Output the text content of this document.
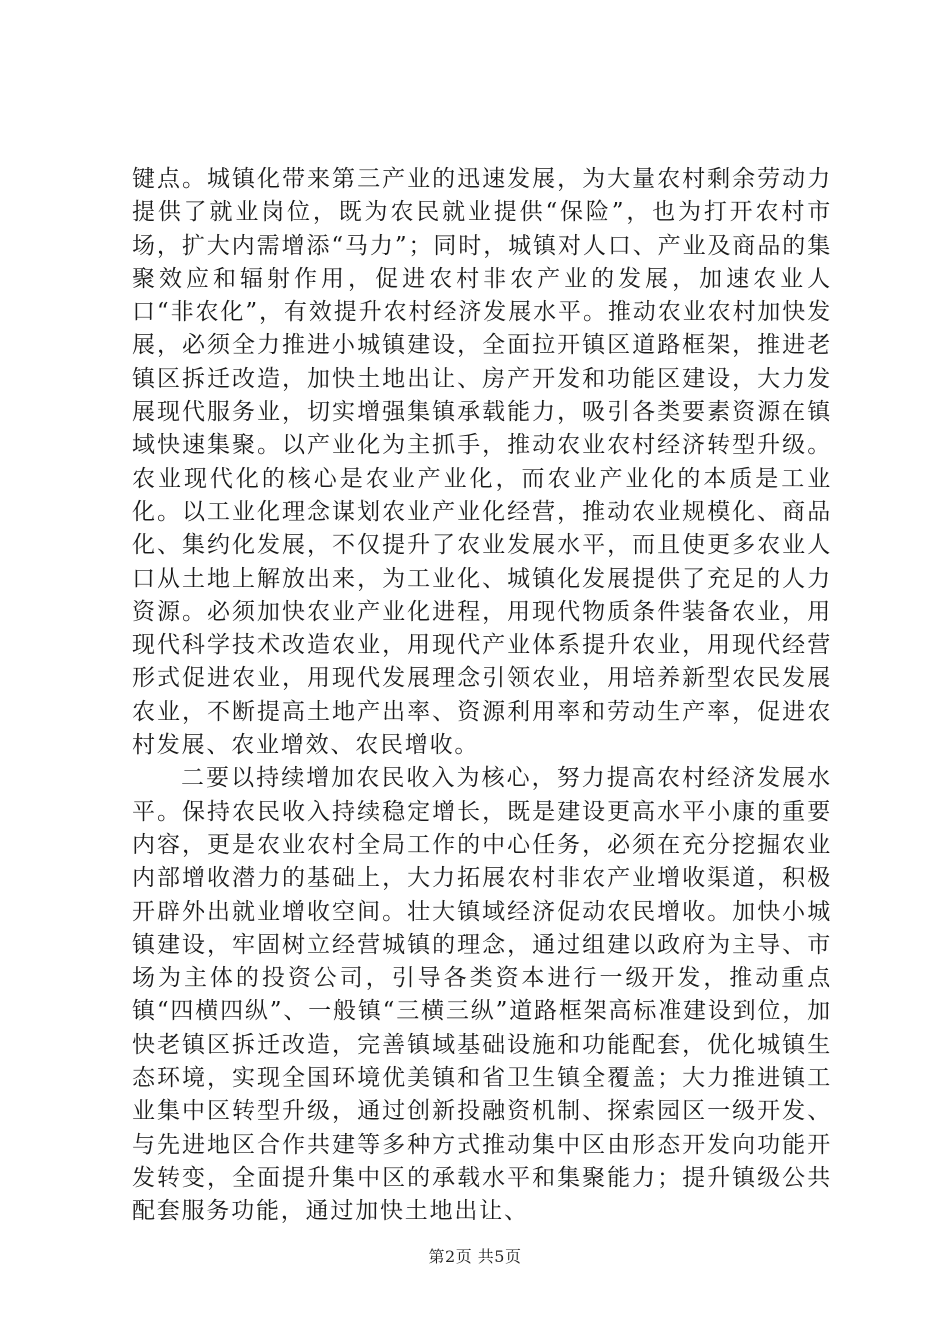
键点。城镇化带来第三产业的迅速发展，为大量农村剩余劳动力提供了就业岗位，既为农民就业提供“保险”，也为打开农村市场，扩大内需增添“马力”；同时，城镇对人口、产业及商品的集聚效应和辐射作用，促进农村非农产业的发展，加速农业人口“非农化”，有效提升农村经济发展水平。推动农业农村加快发展，必须全力推进小城镇建设，全面拉开镇区道路框架，推进老镇区拆迁改造，加快土地出让、房产开发和功能区建设，大力发展现代服务业，切实增强集镇承载能力，吸引各类要素资源在镇域快速集聚。以产业化为主抓手，推动农业农村经济转型升级。农业现代化的核心是农业产业化，而农业产业化的本质是工业化。以工业化理念谋划农业产业化经营，推动农业规模化、商品化、集约化发展，不仅提升了农业发展水平，而且使更多农业人口从土地上解放出来，为工业化、城镇化发展提供了充足的人力资源。必须加快农业产业化进程，用现代物质条件装备农业，用现代科学技术改造农业，用现代产业体系提升农业，用现代经营形式促进农业，用现代发展理念引领农业，用培养新型农民发展农业，不断提高土地产出率、资源利用率和劳动生产率，促进农村发展、农业增效、农民增收。

二要以持续增加农民收入为核心，努力提高农村经济发展水平。保持农民收入持续稳定增长，既是建设更高水平小康的重要内容，更是农业农村全局工作的中心任务，必须在充分挖掘农业内部增收潜力的基础上，大力拓展农村非农产业增收渠道，积极开辟外出就业增收空间。壮大镇域经济促动农民增收。加快小城镇建设，牢固树立经营城镇的理念，通过组建以政府为主导、市场为主体的投资公司，引导各类资本进行一级开发，推动重点镇“四横四纵”、一般镇“三横三纵”道路框架高标准建设到位，加快老镇区拆迁改造，完善镇域基础设施和功能配套，优化城镇生态环境，实现全国环境优美镇和省卫生镇全覆盖；大力推进镇工业集中区转型升级，通过创新投融资机制、探索园区一级开发、与先进地区合作共建等多种方式推动集中区由形态开发向功能开发转变，全面提升集中区的承载水平和集聚能力；提升镇级公共配套服务功能，通过加快土地出让、

第2页 共5页
